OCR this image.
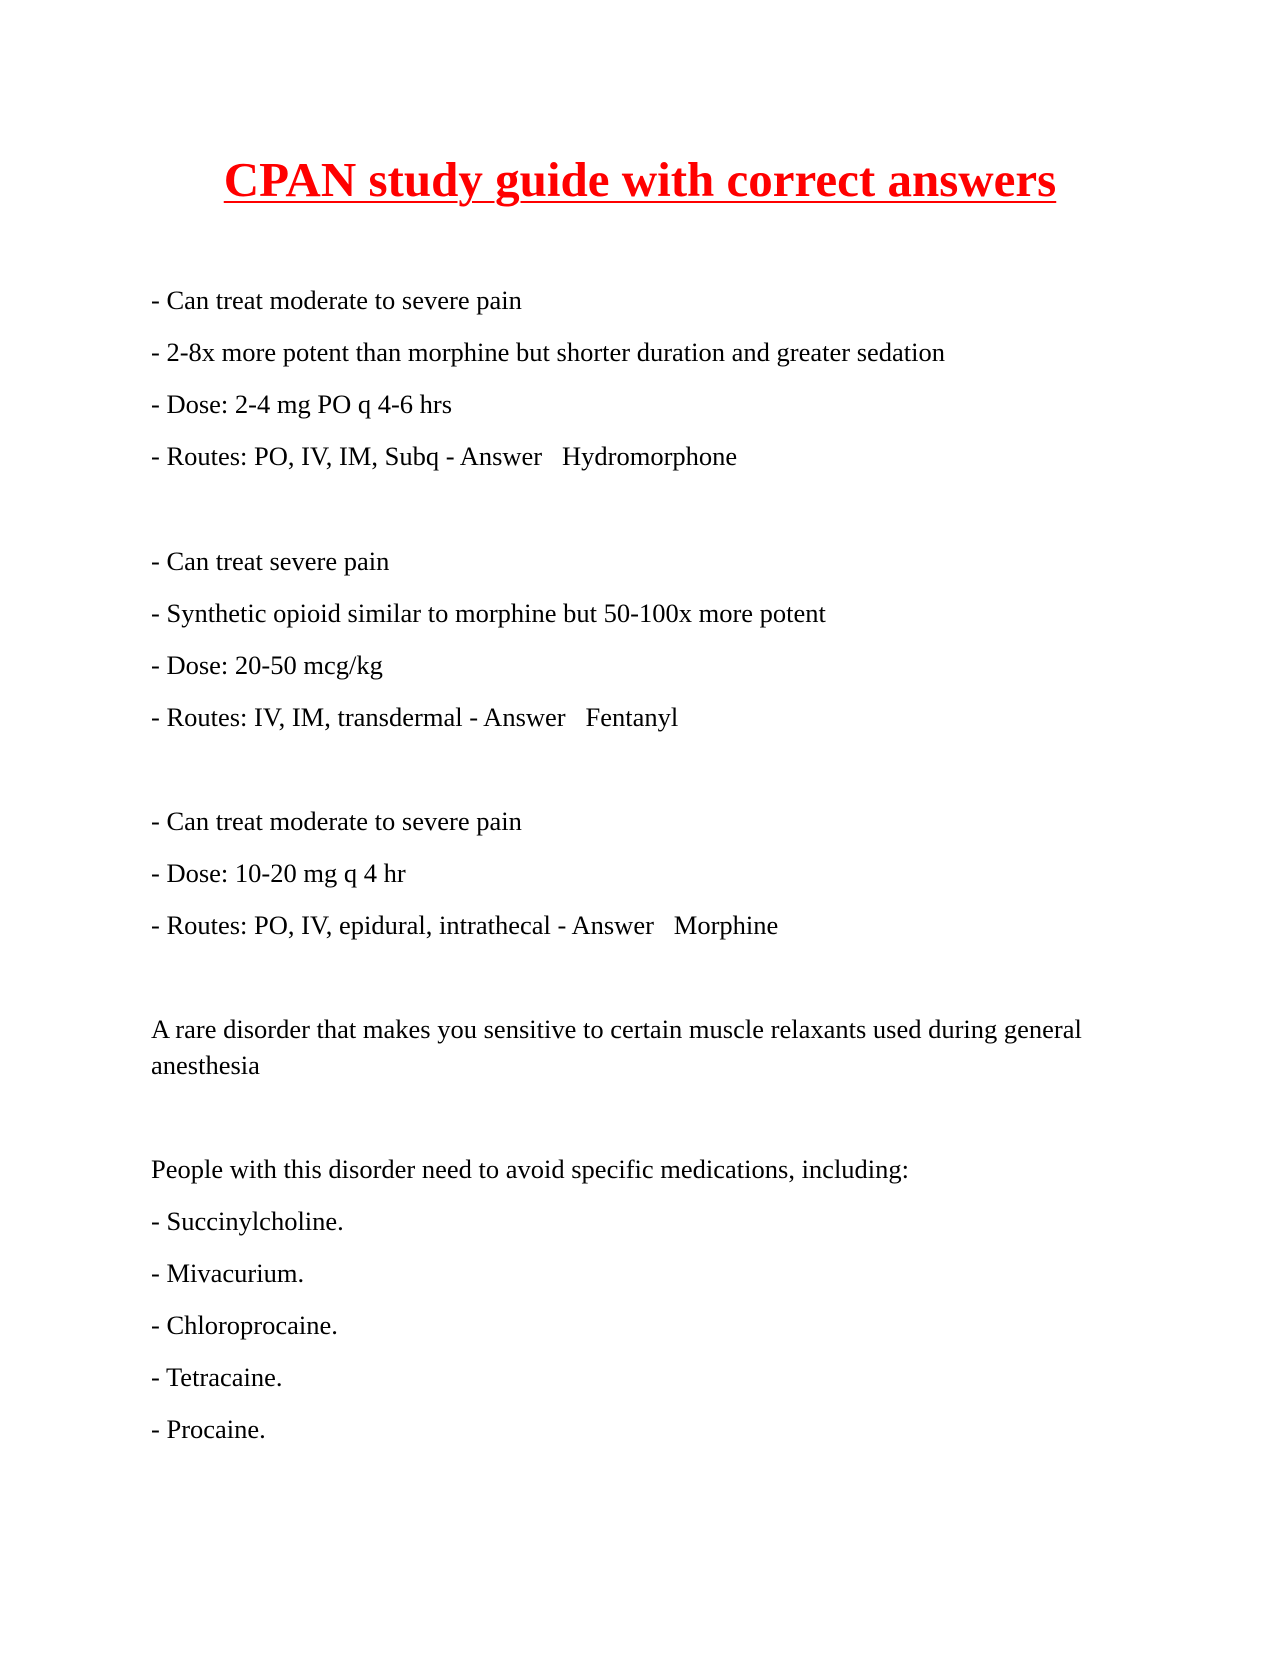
CPAN study guide with correct answers

- Can treat moderate to severe pain

- 2-8x more potent than morphine but shorter duration and greater sedation

- Dose: 2-4 mg PO q 4-6 hrs

- Routes: PO, IV, IM, Subq - Answer   Hydromorphone

- Can treat severe pain

- Synthetic opioid similar to morphine but 50-100x more potent

- Dose: 20-50 mcg/kg

- Routes: IV, IM, transdermal - Answer   Fentanyl

- Can treat moderate to severe pain

- Dose: 10-20 mg q 4 hr

- Routes: PO, IV, epidural, intrathecal - Answer   Morphine

A rare disorder that makes you sensitive to certain muscle relaxants used during general anesthesia

People with this disorder need to avoid specific medications, including:

- Succinylcholine.

- Mivacurium.

- Chloroprocaine.

- Tetracaine.

- Procaine.
